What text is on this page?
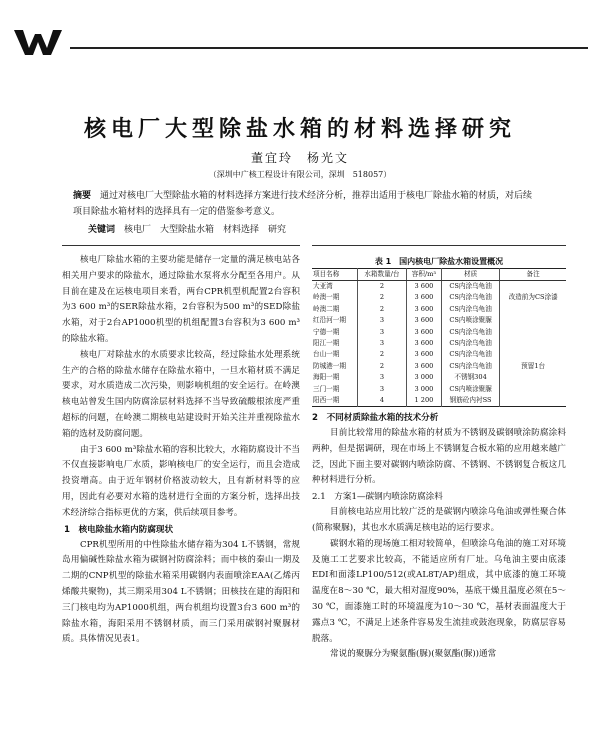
核电厂大型除盐水箱的材料选择研究
董宜玲　杨光文
（深圳中广核工程设计有限公司，深圳　518057）
摘要　 通过对核电厂大型除盐水箱的材料选择方案进行技术经济分析，推荐出适用于核电厂除盐水箱的材质，对后续项目除盐水箱材料的选择具有一定的借鉴参考意义。
关键词　 核电厂　大型除盐水箱　材料选择　研究

核电厂除盐水箱的主要功能是储存一定量的满足核电站各相关用户要求的除盐水，通过除盐水泵将水分配至各用户。从目前在建及在运核电项目来看，两台CPR机型机配置2台容积为3 600 m³的SER除盐水箱，2台容积为500 m³的SED除盐水箱，对于2台AP1000机型的机组配置3台容积为3 600 m³的除盐水箱。

核电厂对除盐水的水质要求比较高，经过除盐水处理系统生产的合格的除盐水储存在除盐水箱中，一旦水箱材质不满足要求，对水质造成二次污染，则影响机组的安全运行。在岭澳核电站曾发生国内防腐涂层材料选择不当导致硫酸根浓度严重超标的问题，在岭澳二期核电站建设时开始关注并重视除盐水箱的选材及防腐问题。

由于3 600 m³除盐水箱的容积比较大，水箱防腐设计不当不仅直接影响电厂水质，影响核电厂的安全运行，而且会造成投资增高。由于近年钢材价格波动较大，且有新材料等的应用，因此有必要对水箱的选材进行全面的方案分析，选择出技术经济综合指标更优的方案，供后续项目参考。

1　核电除盐水箱内防腐现状

CPR机型所用的中性除盐水储存箱为304 L不锈钢，常规岛用偏碱性除盐水箱为碳钢衬防腐涂料；而中核的秦山一期及二期的CNP机型的除盐水箱采用碳钢内表面喷涂EAA(乙烯丙烯酸共聚物)，其三期采用304 L不锈钢；田核技在建的海阳和三门核电均为AP1000机组，两台机组均设置3台3 600 m³的除盐水箱，海阳采用不锈钢材质，而三门采用碳钢衬聚脲材质。具体情况见表1。

表 1　国内核电厂除盐水箱设置概况
项目名称	水箱数量/台	容积/m³	材质	备注
大亚湾	2	3 600	CS内涂乌龟油	
岭澳一期	2	3 600	CS内涂乌龟油	改造前为CS涂漆
岭澳二期	2	3 600	CS内涂乌龟油	
红沿河一期	3	3 600	CS内喷涂聚脲	
宁德一期	3	3 600	CS内涂乌龟油	
阳江一期	3	3 600	CS内涂乌龟油	
台山一期	2	3 600	CS内涂乌龟油	
防城港一期	2	3 600	CS内涂乌龟油	预留1台
海阳一期	3	3 000	不锈钢304	
三门一期	3	3 000	CS内喷涂聚脲	
阳西一期	4	1 200	钢筋砼内衬SS	
2　不同材质除盐水箱的技术分析

目前比较常用的除盐水箱的材质为不锈钢及碳钢喷涂防腐涂料两种，但是据调研，现在市场上不锈钢复合板水箱的应用越来越广泛，因此下面主要对碳钢内喷涂防腐、不锈钢、不锈钢复合板这几种材料进行分析。

2.1　方案1—碳钢内喷涂防腐涂料

目前核电站应用比较广泛的是碳钢内喷涂乌龟油或弹性聚合体(简称聚脲)，其也水水质满足核电站的运行要求。

碳钢水箱的现场施工相对较简单，但喷涂乌龟油的施工对环境及施工工艺要求比较高，不能适应所有厂址。乌龟油主要由底漆EDI和面漆LP100/512(或AL8T/AP)组成，其中底漆的施工环境温度在8～30 ℃，最大相对湿度90%，基底干燥且温度必须在5～30 ℃，面漆施工时的环境温度为10～30 ℃，基材表面温度大于露点3 ℃，不满足上述条件容易发生流挂或鼓泡现象，防腐层容易脱落。

常说的聚脲分为聚氨酯(脲)(聚氨酯(脲))通常
